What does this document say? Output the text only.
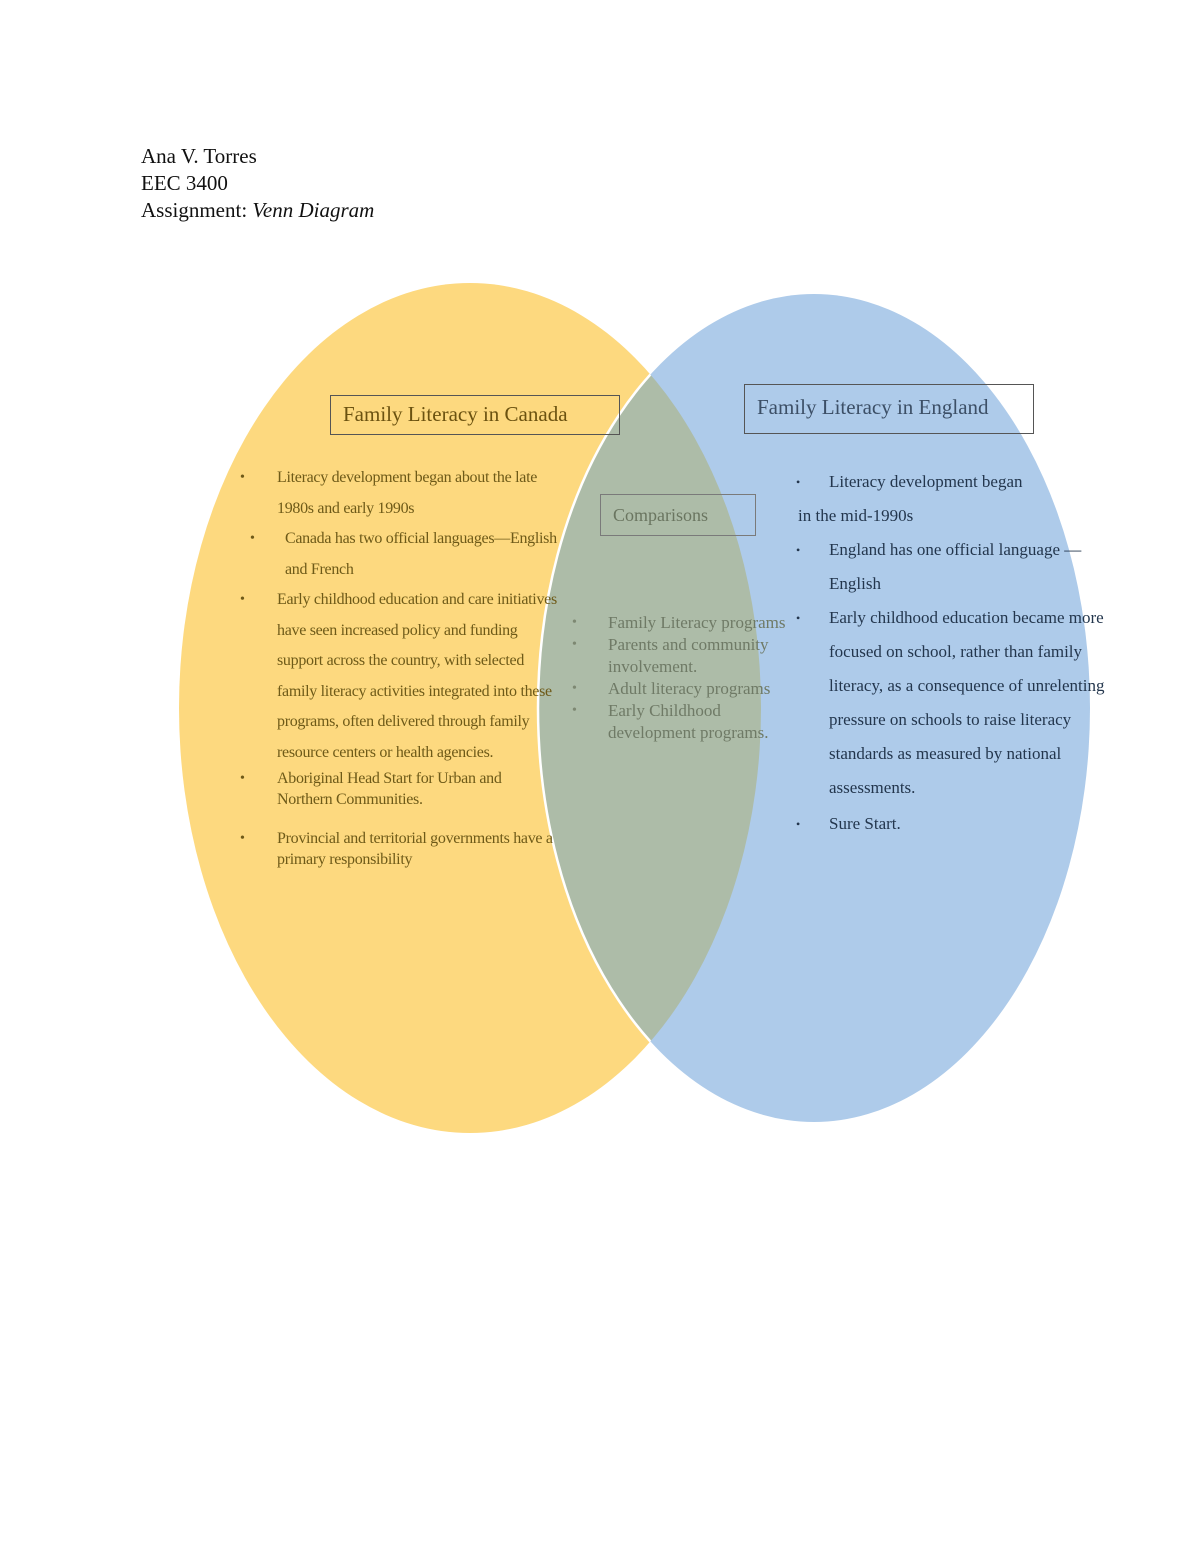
Ana V. Torres
EEC 3400
Assignment: Venn Diagram
Family Literacy in Canada	Family Literacy in England
Comparisons
• Literacy development began about the late 1980s and early 1990s
• Canada has two official languages—English and French
• Early childhood education and care initiatives have seen increased policy and funding support across the country, with selected family literacy activities integrated into these programs, often delivered through family resource centers or health agencies.
• Aboriginal Head Start for Urban and Northern Communities.
• Provincial and territorial governments have a primary responsibility
• Family Literacy programs
• Parents and community involvement.
• Adult literacy programs
• Early Childhood development programs.
• Literacy development began
in the mid-1990s
• England has one official language —English
• Early childhood education became more focused on school, rather than family literacy, as a consequence of unrelenting pressure on schools to raise literacy standards as measured by national assessments.
• Sure Start.
